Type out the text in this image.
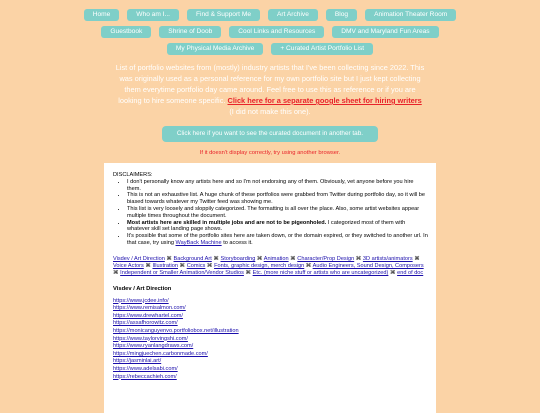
Home	Who am I...	Find & Support Me	Art Archive	Blog	Animation Theater Room
Guestbook	Shrine of Doob	Cool Links and Resources	DMV and Maryland Fun Areas
My Physical Media Archive	+ Curated Artist Portfolio List
List of portfolio websites from (mostly) industry artists that I've been collecting since 2022. This was originally used as a personal reference for my own portfolio site but I just kept collecting them everytime portfolio day came around. Feel free to use this as reference or if you are looking to hire someone specific. Click here for a separate google sheet for hiring writers (I did not make this one).
Click here if you want to see the curated document in another tab.
If it doesn't display correctly, try using another browser.
DISCLAIMERS:
• I don't personally know any artists here and so I'm not endorsing any of them. Obviously, vet anyone before you hire them.
• This is not an exhaustive list. A huge chunk of these portfolios were grabbed from Twitter during portfolio day, so it will be biased towards whatever my Twitter feed was showing me.
• This list is very loosely and sloppily categorized. The formatting is all over the place. Also, some artist websites appear multiple times throughout the document.
• Most artists here are skilled in multiple jobs and are not to be pigeonholed. I categorized most of them with whatever skill set landing page shows.
• It's possible that some of the portfolio sites here are taken down, or the domain expired, or they switched to another url. In that case, try using WayBack Machine to access it.
Visdev / Art Direction ⌘ Background Art ⌘ Storyboarding ⌘ Animation ⌘ Character/Prop Design ⌘ 3D artists/animators ⌘ Voice Actors ⌘ Illustration ⌘ Comics ⌘ Fonts, graphic design, merch design ⌘ Audio Engineers, Sound Design, Composers ⌘ Independent or Smaller Animation/Vendor Studios ⌘ Etc. (more niche stuff or artists who are uncategorized) ⌘ end of doc
Visdev / Art Direction
https://www.jcdee.info/
https://www.remisalmon.com/
https://www.drewhartel.com/
https://assafhorowitz.com/
https://monicanguyenvo.portfoliobox.net/illustration
https://www.taylorvingshi.com/
https://www.ryanlangdraws.com/
https://mingjuechen.carbonmade.com/
https://jasminlai.art/
https://www.adelsabi.com/
https://rebeccachieh.com/
